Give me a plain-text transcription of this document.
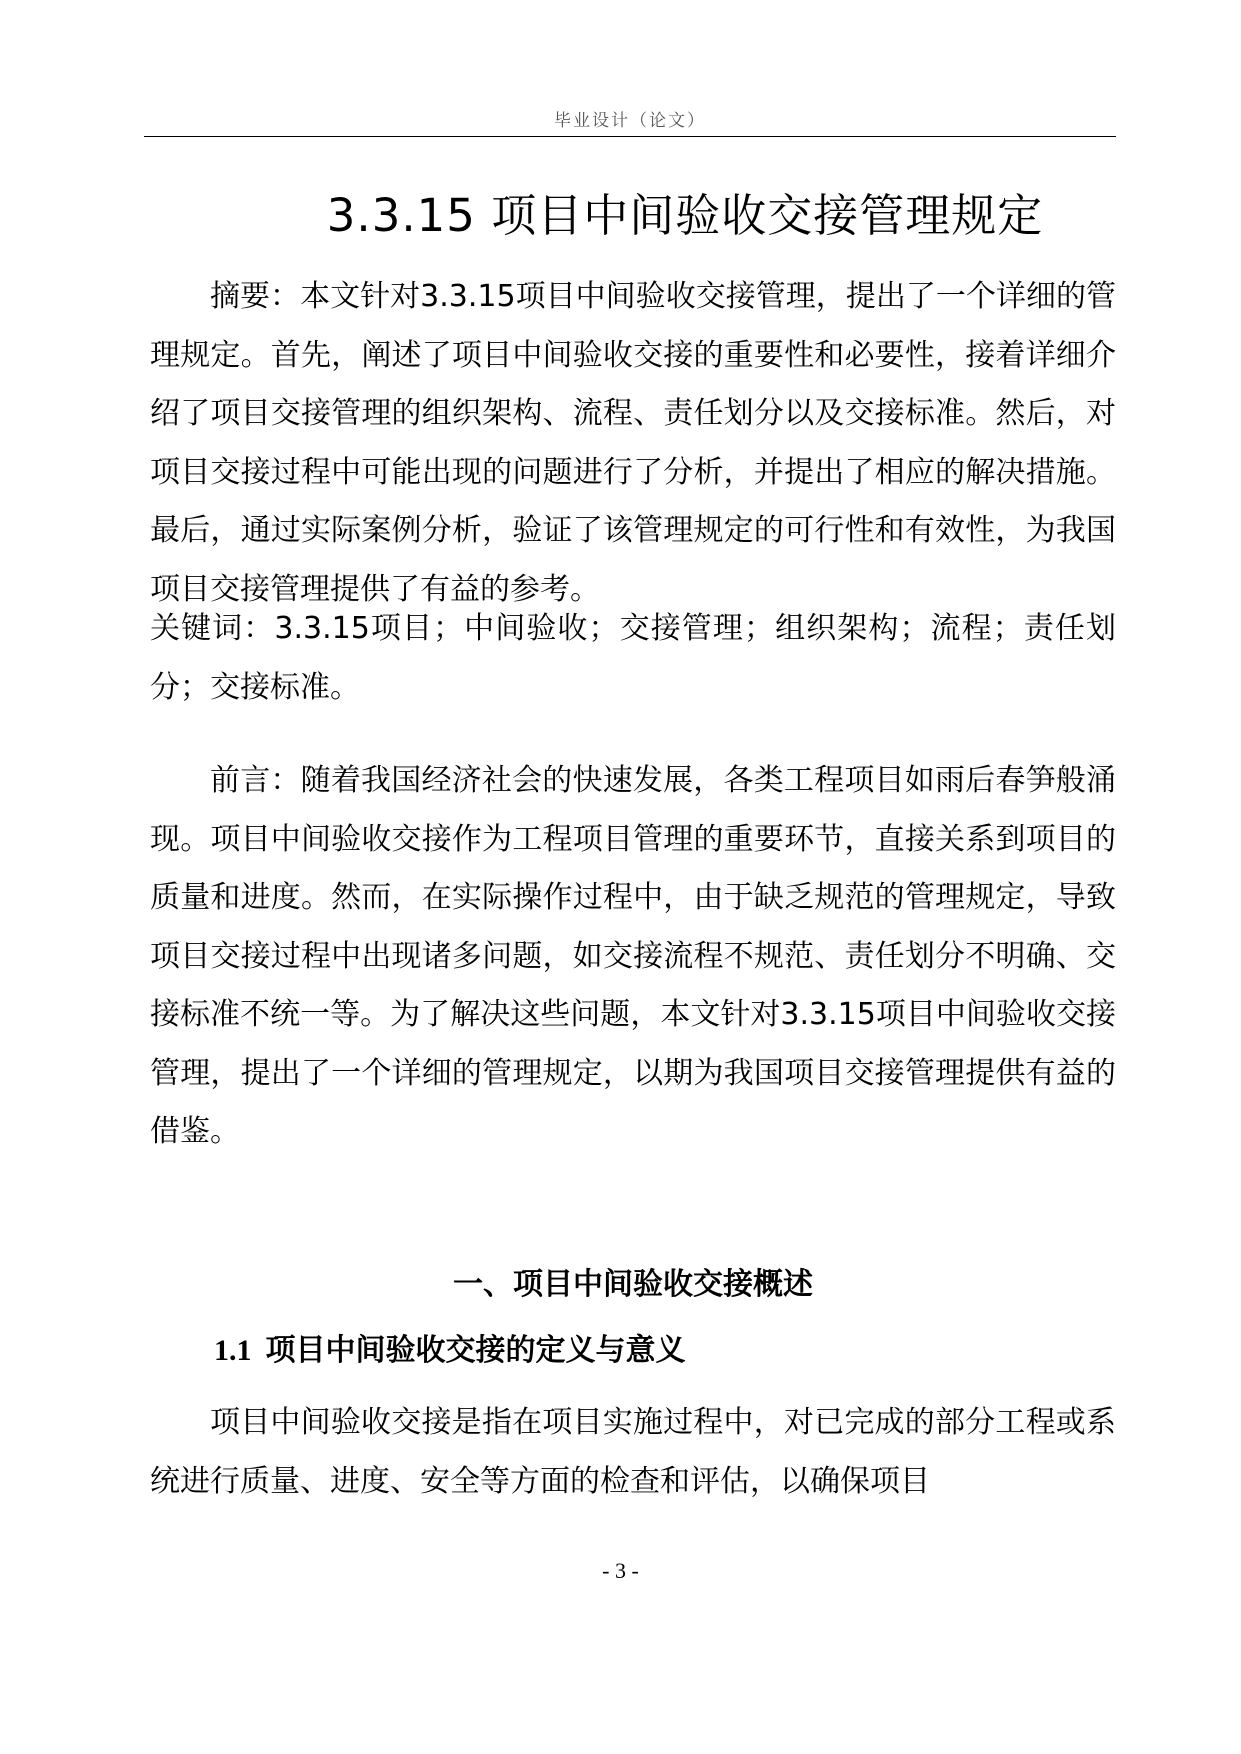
毕业设计（论文）
3.3.15 项目中间验收交接管理规定

摘要：本文针对3.3.15项目中间验收交接管理，提出了一个详细的管理规定。首先，阐述了项目中间验收交接的重要性和必要性，接着详细介绍了项目交接管理的组织架构、流程、责任划分以及交接标准。然后，对项目交接过程中可能出现的问题进行了分析，并提出了相应的解决措施。最后，通过实际案例分析，验证了该管理规定的可行性和有效性，为我国项目交接管理提供了有益的参考。

关键词：3.3.15项目；中间验收；交接管理；组织架构；流程；责任划分；交接标准。

前言：随着我国经济社会的快速发展，各类工程项目如雨后春笋般涌现。项目中间验收交接作为工程项目管理的重要环节，直接关系到项目的质量和进度。然而，在实际操作过程中，由于缺乏规范的管理规定，导致项目交接过程中出现诸多问题，如交接流程不规范、责任划分不明确、交接标准不统一等。为了解决这些问题，本文针对3.3.15项目中间验收交接管理，提出了一个详细的管理规定，以期为我国项目交接管理提供有益的借鉴。

一、项目中间验收交接概述
1.1 项目中间验收交接的定义与意义

项目中间验收交接是指在项目实施过程中，对已完成的部分工程或系统进行质量、进度、安全等方面的检查和评估，以确保项目

- 3 -
